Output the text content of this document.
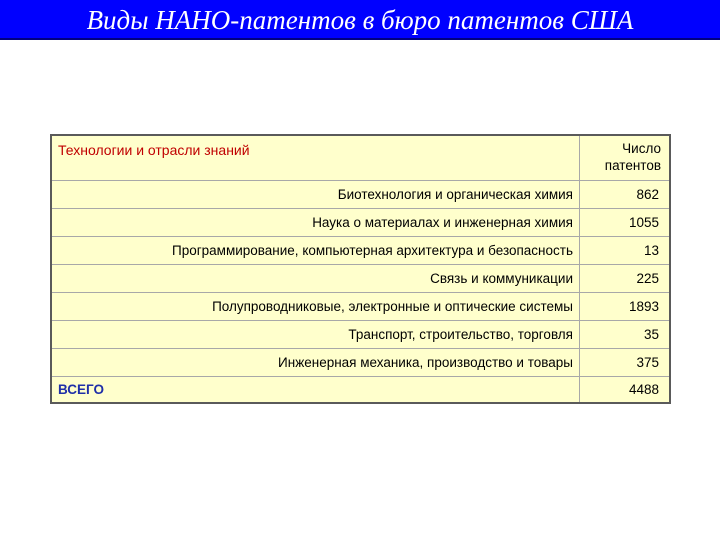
Виды НАНО-патентов в бюро патентов США
Технологии и отрасли знаний	Число
патентов

Биотехнология и органическая химия	862
Наука о материалах и инженерная химия	1055
Программирование, компьютерная архитектура и безопасность	13
Связь и коммуникации	225
Полупроводниковые, электронные и оптические системы	1893
Транспорт, строительство, торговля	35
Инженерная механика, производство и товары	375
ВСЕГО	4488
